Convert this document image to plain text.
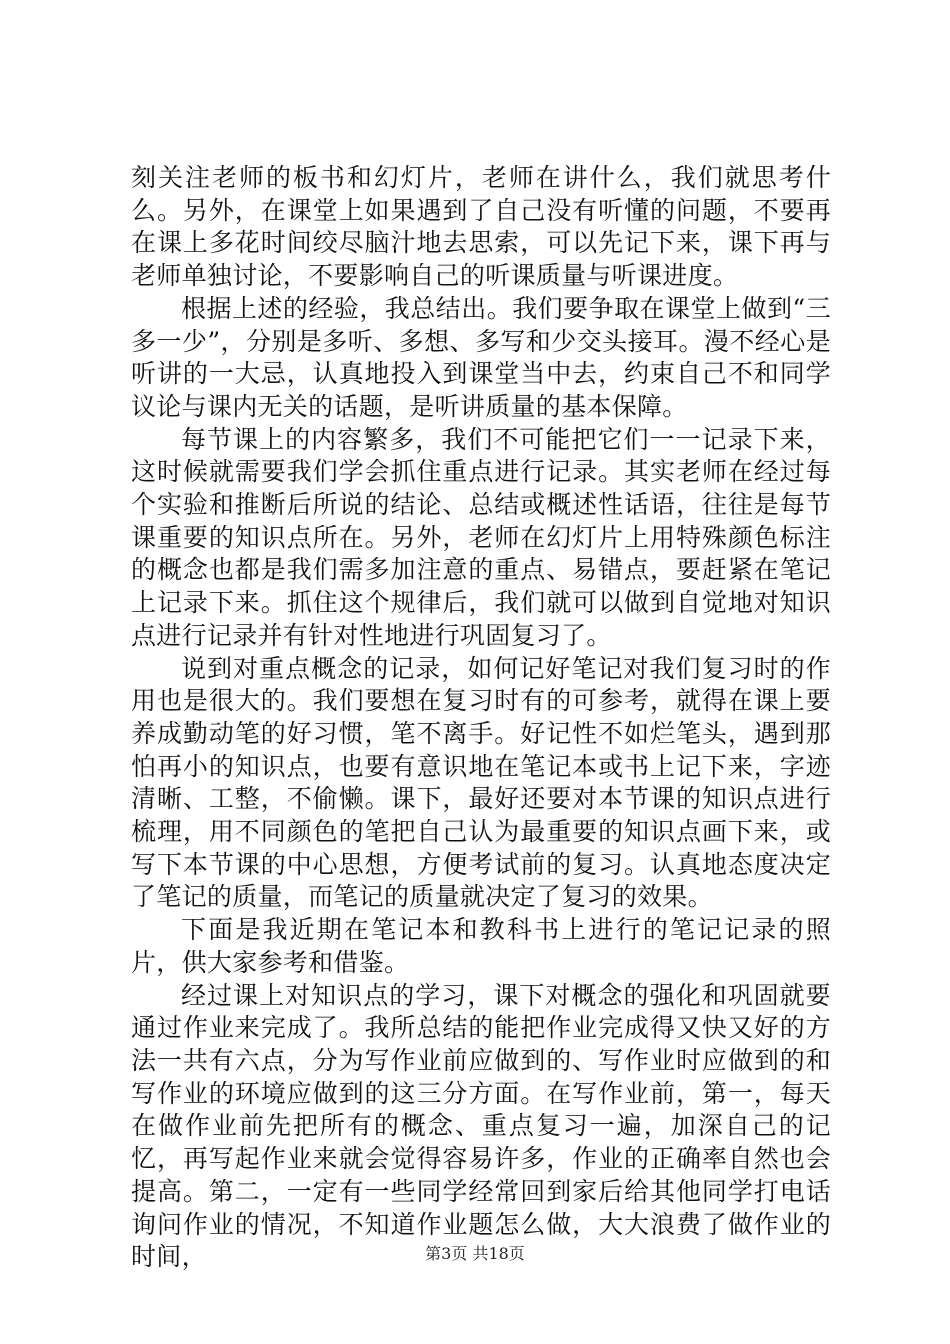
刻关注老师的板书和幻灯片，老师在讲什么，我们就思考什么。另外，在课堂上如果遇到了自己没有听懂的问题，不要再在课上多花时间绞尽脑汁地去思索，可以先记下来，课下再与老师单独讨论，不要影响自己的听课质量与听课进度。

根据上述的经验，我总结出。我们要争取在课堂上做到“三多一少”，分别是多听、多想、多写和少交头接耳。漫不经心是听讲的一大忌，认真地投入到课堂当中去，约束自己不和同学议论与课内无关的话题，是听讲质量的基本保障。

每节课上的内容繁多，我们不可能把它们一一记录下来，这时候就需要我们学会抓住重点进行记录。其实老师在经过每个实验和推断后所说的结论、总结或概述性话语，往往是每节课重要的知识点所在。另外，老师在幻灯片上用特殊颜色标注的概念也都是我们需多加注意的重点、易错点，要赶紧在笔记上记录下来。抓住这个规律后，我们就可以做到自觉地对知识点进行记录并有针对性地进行巩固复习了。

说到对重点概念的记录，如何记好笔记对我们复习时的作用也是很大的。我们要想在复习时有的可参考，就得在课上要养成勤动笔的好习惯，笔不离手。好记性不如烂笔头，遇到那怕再小的知识点，也要有意识地在笔记本或书上记下来，字迹清晰、工整，不偷懒。课下，最好还要对本节课的知识点进行梳理，用不同颜色的笔把自己认为最重要的知识点画下来，或写下本节课的中心思想，方便考试前的复习。认真地态度决定了笔记的质量，而笔记的质量就决定了复习的效果。

下面是我近期在笔记本和教科书上进行的笔记记录的照片，供大家参考和借鉴。

经过课上对知识点的学习，课下对概念的强化和巩固就要通过作业来完成了。我所总结的能把作业完成得又快又好的方法一共有六点，分为写作业前应做到的、写作业时应做到的和写作业的环境应做到的这三分方面。在写作业前，第一，每天在做作业前先把所有的概念、重点复习一遍，加深自己的记忆，再写起作业来就会觉得容易许多，作业的正确率自然也会提高。第二，一定有一些同学经常回到家后给其他同学打电话询问作业的情况，不知道作业题怎么做，大大浪费了做作业的时间，	第3页 共18页
